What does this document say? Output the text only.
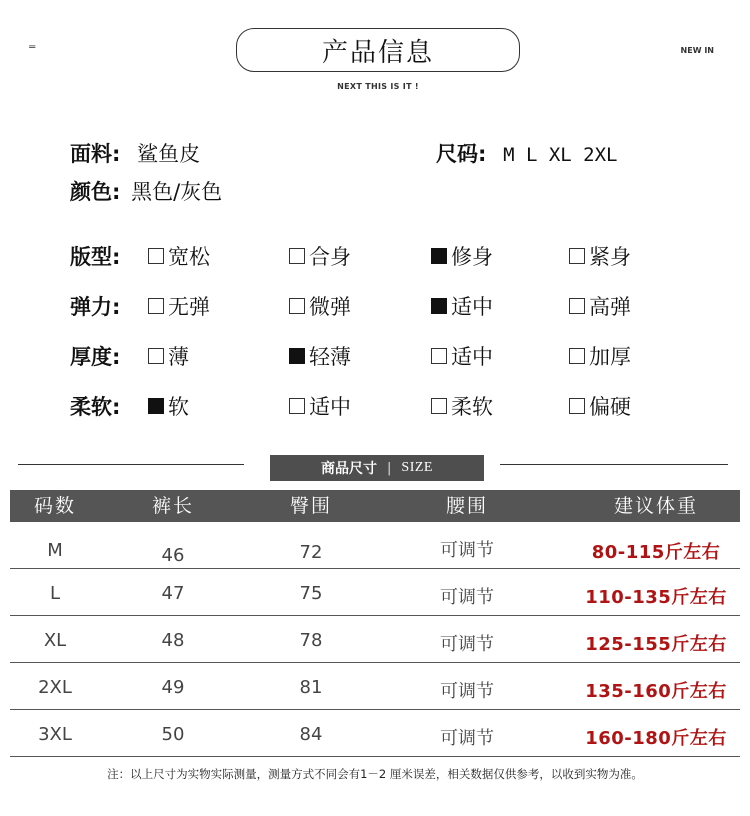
⁼	产品信息
NEXT THIS IS IT !
NEW IN
面料: 鲨鱼皮	尺码: M L XL 2XL
颜色: 黑色/灰色
版型: 宽松	合身	修身	紧身
弹力: 无弹	微弹	适中	高弹
厚度: 薄	轻薄	适中	加厚
柔软: 软	适中	柔软	偏硬
商品尺寸 | SIZE
码数	裤长	臀围	腰围	建议体重
M	46	72	可调节	80-115斤左右
L	47	75	可调节	110-135斤左右
XL	48	78	可调节	125-155斤左右
2XL	49	81	可调节	135-160斤左右
3XL	50	84	可调节	160-180斤左右
注：以上尺寸为实物实际测量，测量方式不同会有1－2 厘米误差，相关数据仅供参考，以收到实物为准。
